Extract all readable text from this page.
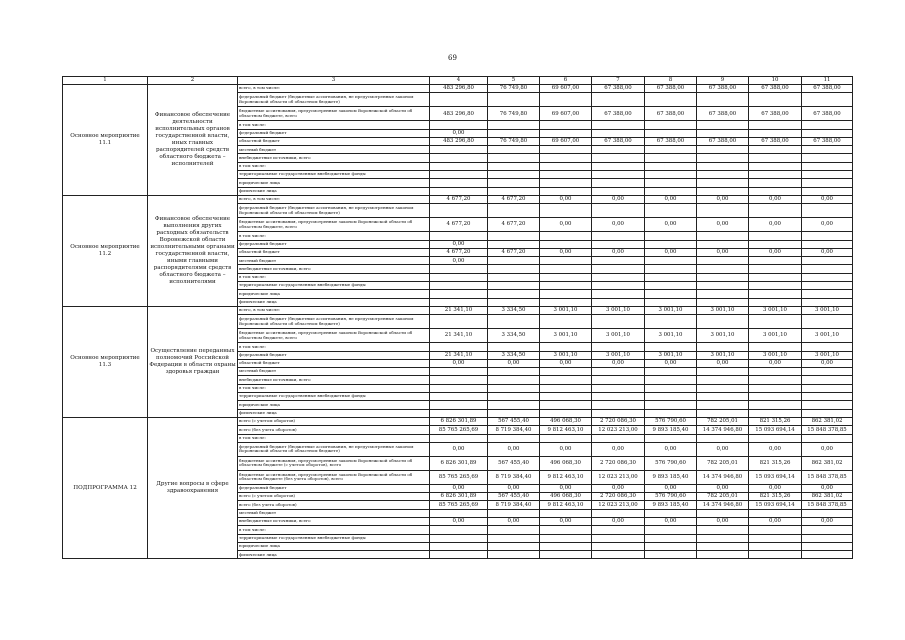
69
1	2	3	4	5	6	7	8	9	10	11
Основное мероприятие 11.1	Финансовое обеспечение деятельности исполнительных органов государственной власти, иных главных распорядителей средств областного бюджета – исполнителей	всего, в том числе:	483 296,80	76 749,80	69 607,00	67 388,00	67 388,00	67 388,00	67 388,00	67 388,00
		федеральный бюджет (бюджетные ассигнования, не предусмотренные законом Воронежской области об областном бюджете)								
		бюджетные ассигнования, предусмотренные законом Воронежской области об областном бюджете, всего	483 296,80	76 749,80	69 607,00	67 388,00	67 388,00	67 388,00	67 388,00	67 388,00
		в том числе:								
		федеральный бюджет	0,00							
		областной бюджет	483 296,80	76 749,80	69 607,00	67 388,00	67 388,00	67 388,00	67 388,00	67 388,00
		местный бюджет								
		внебюджетные источники, всего								
		в том числе:								
		территориальные государственные внебюджетные фонды								
		юридические лица								
		физические лица								
Основное мероприятие 11.2	Финансовое обеспечение выполнения других расходных обязательств Воронежской области исполнительными органами государственной власти, иными главными распорядителями средств областного бюджета – исполнителями	всего, в том числе:	4 677,20	4 677,20	0,00	0,00	0,00	0,00	0,00	0,00
		федеральный бюджет (бюджетные ассигнования, не предусмотренные законом Воронежской области об областном бюджете)								
		бюджетные ассигнования, предусмотренные законом Воронежской области об областном бюджете, всего	4 677,20	4 677,20	0,00	0,00	0,00	0,00	0,00	0,00
		в том числе:								
		федеральный бюджет	0,00							
		областной бюджет	4 677,20	4 677,20	0,00	0,00	0,00	0,00	0,00	0,00
		местный бюджет	0,00							
		внебюджетные источники, всего								
		в том числе:								
		территориальные государственные внебюджетные фонды								
		юридические лица								
		физические лица								
Основное мероприятие 11.3	Осуществление переданных полномочий Российской Федерации в области охраны здоровья граждан	всего, в том числе:	21 341,10	3 334,50	3 001,10	3 001,10	3 001,10	3 001,10	3 001,10	3 001,10
		федеральный бюджет (бюджетные ассигнования, не предусмотренные законом Воронежской области об областном бюджете)								
		бюджетные ассигнования, предусмотренные законом Воронежской области об областном бюджете, всего	21 341,10	3 334,50	3 001,10	3 001,10	3 001,10	3 001,10	3 001,10	3 001,10
		в том числе:								
		федеральный бюджет	21 341,10	3 334,50	3 001,10	3 001,10	3 001,10	3 001,10	3 001,10	3 001,10
		областной бюджет	0,00	0,00	0,00	0,00	0,00	0,00	0,00	0,00
		местный бюджет								
		внебюджетные источники, всего								
		в том числе:								
		территориальные государственные внебюджетные фонды								
		юридические лица								
		физические лица								
ПОДПРОГРАММА 12	Другие вопросы в сфере здравоохранения	всего (с учетом оборотов)	6 826 301,89	567 455,40	496 068,30	2 720 086,30	576 790,60	782 205,01	821 315,26	862 381,02
		всего (без учета оборотов)	85 765 265,69	8 719 384,40	9 812 463,10	12 023 213,00	9 893 185,40	14 374 946,80	15 093 694,14	15 848 378,85
		в том числе:								
		федеральный бюджет (бюджетные ассигнования, не предусмотренные законом Воронежской области об областном бюджете)	0,00	0,00	0,00	0,00	0,00	0,00	0,00	0,00
		бюджетные ассигнования, предусмотренные законом Воронежской области об областном бюджете (с учетом оборотов), всего	6 826 301,89	567 455,40	496 068,30	2 720 086,30	576 790,60	782 205,01	821 315,26	862 381,02
		бюджетные ассигнования, предусмотренные законом Воронежской области об областном бюджете (без учета оборотов), всего	85 765 265,69	8 719 384,40	9 812 463,10	12 023 213,00	9 893 185,40	14 374 946,80	15 093 694,14	15 848 378,85
		федеральный бюджет	0,00	0,00	0,00	0,00	0,00	0,00	0,00	0,00
		всего (с учетом оборотов)	6 826 301,89	567 455,40	496 068,30	2 720 086,30	576 790,60	782 205,01	821 315,26	862 381,02
		всего (без учета оборотов)	85 765 265,69	8 719 384,40	9 812 463,10	12 023 213,00	9 893 185,40	14 374 946,80	15 093 694,14	15 848 378,85
		местный бюджет								
		внебюджетные источники, всего	0,00	0,00	0,00	0,00	0,00	0,00	0,00	0,00
		в том числе:								
		территориальные государственные внебюджетные фонды								
		юридические лица								
		физические лица								
